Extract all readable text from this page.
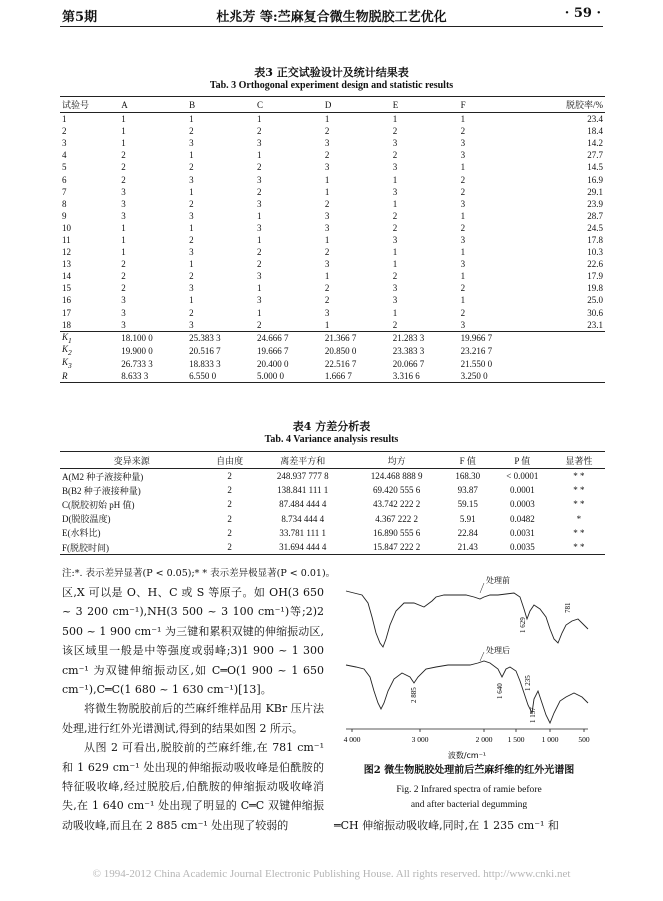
第5期	杜兆芳 等:苎麻复合微生物脱胶工艺优化	· 59 ·
表3 正交试验设计及统计结果表
Tab. 3 Orthogonal experiment design and statistic results
试验号	A	B	C	D	E	F	脱胶率/%
1	1	1	1	1	1	1	23.4
2	1	2	2	2	2	2	18.4
3	1	3	3	3	3	3	14.2
4	2	1	1	2	2	3	27.7
5	2	2	2	3	3	1	14.5
6	2	3	3	1	1	2	16.9
7	3	1	2	1	3	2	29.1
8	3	2	3	2	1	3	23.9
9	3	3	1	3	2	1	28.7
10	1	1	3	3	2	2	24.5
11	1	2	1	1	3	3	17.8
12	1	3	2	2	1	1	10.3
13	2	1	2	3	1	3	22.6
14	2	2	3	1	2	1	17.9
15	2	3	1	2	3	2	19.8
16	3	1	3	2	3	1	25.0
17	3	2	1	3	1	2	30.6
18	3	3	2	1	2	3	23.1
$K_1$	18.100 0	25.383 3	24.666 7	21.366 7	21.283 3	19.966 7	
$K_2$	19.900 0	20.516 7	19.666 7	20.850 0	23.383 3	23.216 7	
$K_3$	26.733 3	18.833 3	20.400 0	22.516 7	20.066 7	21.550 0	
R	8.633 3	6.550 0	5.000 0	1.666 7	3.316 6	3.250 0	
表4 方差分析表
Tab. 4 Variance analysis results
变异来源	自由度	离差平方和	均方	F 值	P 值	显著性
A(M2 种子液接种量)	2	248.937 777 8	124.468 888 9	168.30	< 0.0001	* *
B(B2 种子液接种量)	2	138.841 111 1	69.420 555 6	93.87	0.0001	* *
C(脱胶初始 pH 值)	2	87.484 444 4	43.742 222 2	59.15	0.0003	* *
D(脱胶温度)	2	8.734 444 4	4.367 222 2	5.91	0.0482	*
E(水料比)	2	33.781 111 1	16.890 555 6	22.84	0.0031	* *
F(脱胶时间)	2	31.694 444 4	15.847 222 2	21.43	0.0035	* *
注:*. 表示差异显著(P < 0.05);* * 表示差异极显著(P < 0.01)。

区,X 可以是 O、H、C 或 S 等原子。如 OH(3 650 ~ 3 200 cm⁻¹),NH(3 500 ~ 3 100 cm⁻¹)等;2)2 500 ~ 1 900 cm⁻¹ 为三键和累积双键的伸缩振动区,该区域里一般是中等强度或弱峰;3)1 900 ~ 1 300 cm⁻¹ 为双键伸缩振动区,如 C═O(1 900 ~ 1 650 cm⁻¹),C═C(1 680 ~ 1 630 cm⁻¹)[13]。

将微生物脱胶前后的苎麻纤维样品用 KBr 压片法处理,进行红外光谱测试,得到的结果如图 2 所示。

从图 2 可看出,脱胶前的苎麻纤维,在 781 cm⁻¹ 和 1 629 cm⁻¹ 处出现的伸缩振动吸收峰是伯酰胺的特征吸收峰,经过脱胶后,伯酰胺的伸缩振动吸收峰消失,在 1 640 cm⁻¹ 处出现了明显的 C═C 双键伸缩振动吸收峰,而且在 2 885 cm⁻¹ 处出现了较弱的

4 000	3 000	2 000 1 500 1 000	500
波数/cm⁻¹
处理前
处理后
1 629
781
2 885	1 640
1 235
1 157
图2 微生物脱胶处理前后苎麻纤维的红外光谱图
Fig. 2 Infrared spectra of ramie before
and after bacterial degumming
═CH 伸缩振动吸收峰,同时,在 1 235 cm⁻¹ 和
© 1994-2012 China Academic Journal Electronic Publishing House. All rights reserved. http://www.cnki.net
